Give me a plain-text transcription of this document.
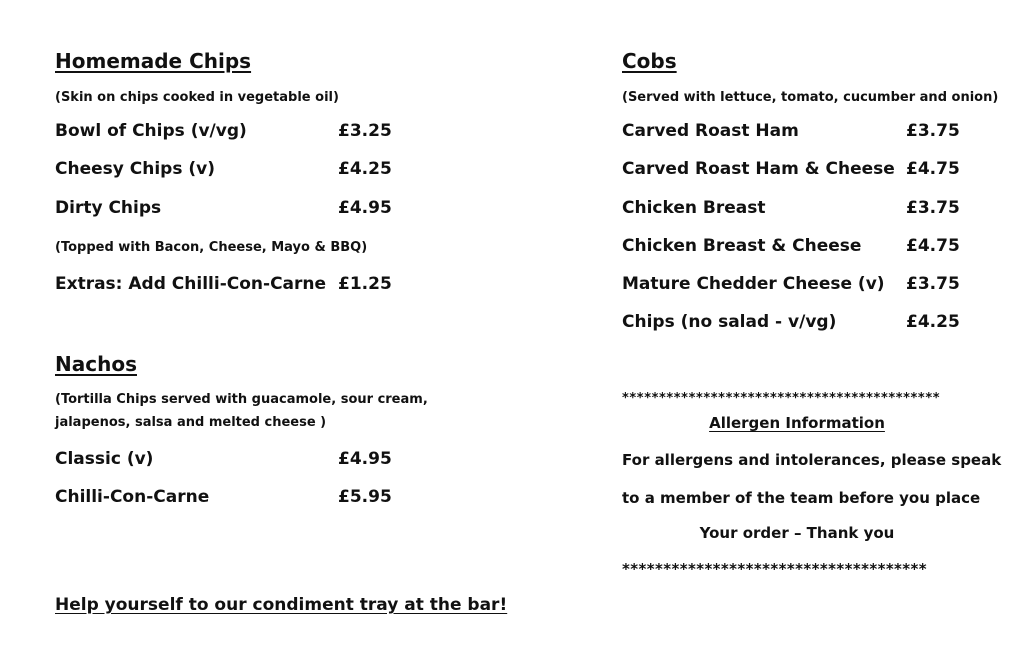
Homemade Chips
(Skin on chips cooked in vegetable oil)
Bowl of Chips (v/vg)	£3.25
Cheesy Chips (v)	£4.25
Dirty Chips	£4.95
(Topped with Bacon, Cheese, Mayo & BBQ)
Extras: Add Chilli-Con-Carne £1.25
Nachos
(Tortilla Chips served with guacamole, sour cream,
jalapenos, salsa and melted cheese )
Classic (v)	£4.95
Chilli-Con-Carne	£5.95
Help yourself to our condiment tray at the bar!
Cobs
(Served with lettuce, tomato, cucumber and onion)
Carved Roast Ham	£3.75
Carved Roast Ham & Cheese £4.75
Chicken Breast	£3.75
Chicken Breast & Cheese	£4.75
Mature Chedder Cheese (v) £3.75
Chips (no salad - v/vg)	£4.25
*******************************************
Allergen Information
For allergens and intolerances, please speak
to a member of the team before you place
Your order – Thank you
*************************************
